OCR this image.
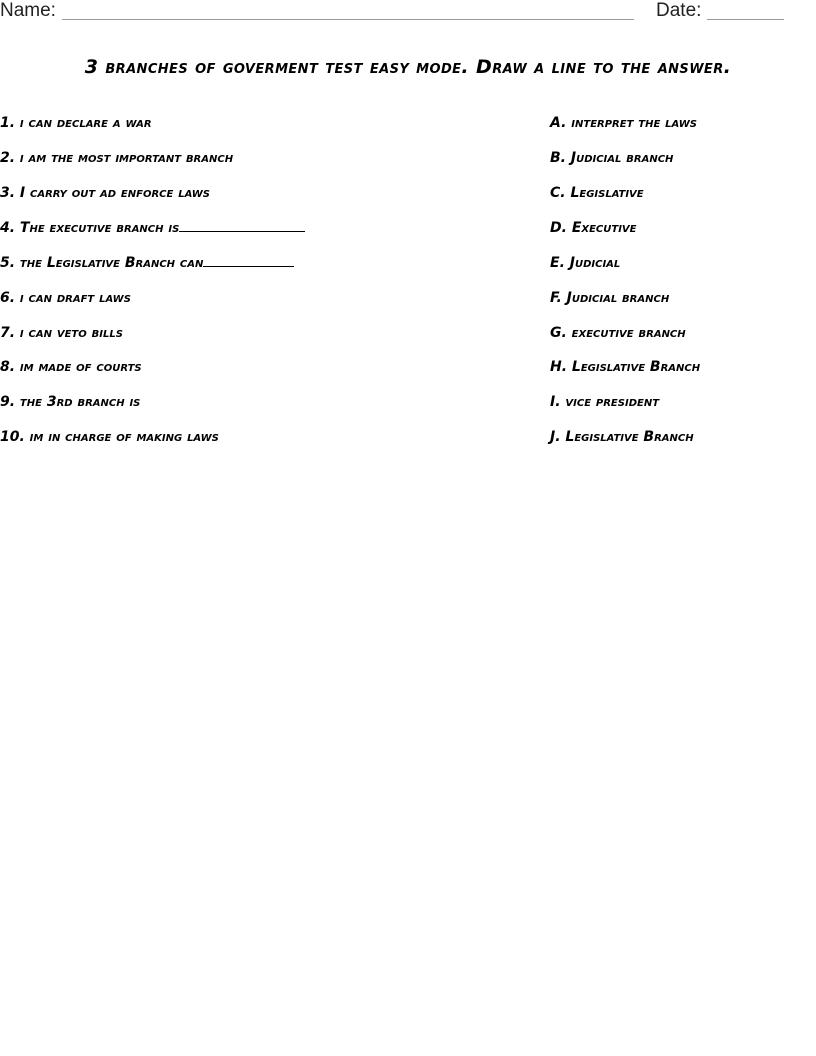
Name:	Date:
3 branches of goverment test easy mode. Draw a line to the answer.
1. i can declare a war
2. i am the most important branch
3. I carry out ad enforce laws
4. The executive branch is
5. the Legislative Branch can
6. i can draft laws
7. i can veto bills
8. im made of courts
9. the 3rd branch is
10. im in charge of making laws
A. interpret the laws
B. Judicial branch
C. Legislative
D. Executive
E. Judicial
F. Judicial branch
G. executive branch
H. Legislative Branch
I. vice president
J. Legislative Branch
